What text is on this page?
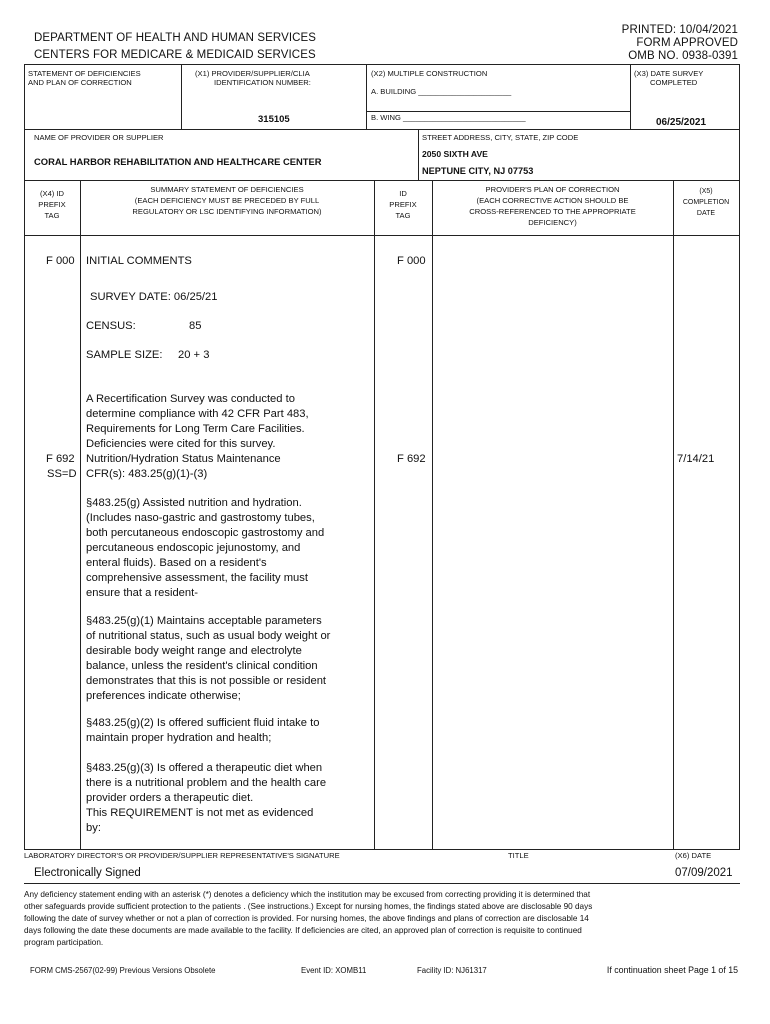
DEPARTMENT OF HEALTH AND HUMAN SERVICES
CENTERS FOR MEDICARE & MEDICAID SERVICES
PRINTED: 10/04/2021
FORM APPROVED
OMB NO. 0938-0391
STATEMENT OF DEFICIENCIES
AND PLAN OF CORRECTION
(X1) PROVIDER/SUPPLIER/CLIA
IDENTIFICATION NUMBER:
315105
(X2) MULTIPLE CONSTRUCTION
A. BUILDING ______________________
B. WING _____________________________
(X3) DATE SURVEY
COMPLETED
06/25/2021
NAME OF PROVIDER OR SUPPLIER
CORAL HARBOR REHABILITATION AND HEALTHCARE CENTER
STREET ADDRESS, CITY, STATE, ZIP CODE
2050 SIXTH AVE
NEPTUNE CITY, NJ 07753
(X4) ID
PREFIX
TAG
SUMMARY STATEMENT OF DEFICIENCIES
(EACH DEFICIENCY MUST BE PRECEDED BY FULL
REGULATORY OR LSC IDENTIFYING INFORMATION)
ID
PREFIX
TAG
PROVIDER'S PLAN OF CORRECTION
(EACH CORRECTIVE ACTION SHOULD BE
CROSS-REFERENCED TO THE APPROPRIATE
DEFICIENCY)
(X5)
COMPLETION
DATE
F 000 INITIAL COMMENTS	F 000
SURVEY DATE: 06/25/21
CENSUS:	85
SAMPLE SIZE: 20 + 3
A Recertification Survey was conducted to
determine compliance with 42 CFR Part 483,
Requirements for Long Term Care Facilities.
Deficiencies were cited for this survey.
F 692
SS=D
Nutrition/Hydration Status Maintenance
CFR(s): 483.25(g)(1)-(3)
F 692	7/14/21
§483.25(g) Assisted nutrition and hydration.
(Includes naso-gastric and gastrostomy tubes,
both percutaneous endoscopic gastrostomy and
percutaneous endoscopic jejunostomy, and
enteral fluids). Based on a resident's
comprehensive assessment, the facility must
ensure that a resident-
§483.25(g)(1) Maintains acceptable parameters
of nutritional status, such as usual body weight or
desirable body weight range and electrolyte
balance, unless the resident's clinical condition
demonstrates that this is not possible or resident
preferences indicate otherwise;
§483.25(g)(2) Is offered sufficient fluid intake to
maintain proper hydration and health;
§483.25(g)(3) Is offered a therapeutic diet when
there is a nutritional problem and the health care
provider orders a therapeutic diet.
This REQUIREMENT is not met as evidenced
by:
LABORATORY DIRECTOR'S OR PROVIDER/SUPPLIER REPRESENTATIVE'S SIGNATURE	TITLE	(X6) DATE
Electronically Signed	07/09/2021
Any deficiency statement ending with an asterisk (*) denotes a deficiency which the institution may be excused from correcting providing it is determined that
other safeguards provide sufficient protection to the patients . (See instructions.) Except for nursing homes, the findings stated above are disclosable 90 days
following the date of survey whether or not a plan of correction is provided. For nursing homes, the above findings and plans of correction are disclosable 14
days following the date these documents are made available to the facility. If deficiencies are cited, an approved plan of correction is requisite to continued
program participation.
FORM CMS-2567(02-99) Previous Versions Obsolete	Event ID: XOMB11	Facility ID: NJ61317	If continuation sheet Page 1 of 15
